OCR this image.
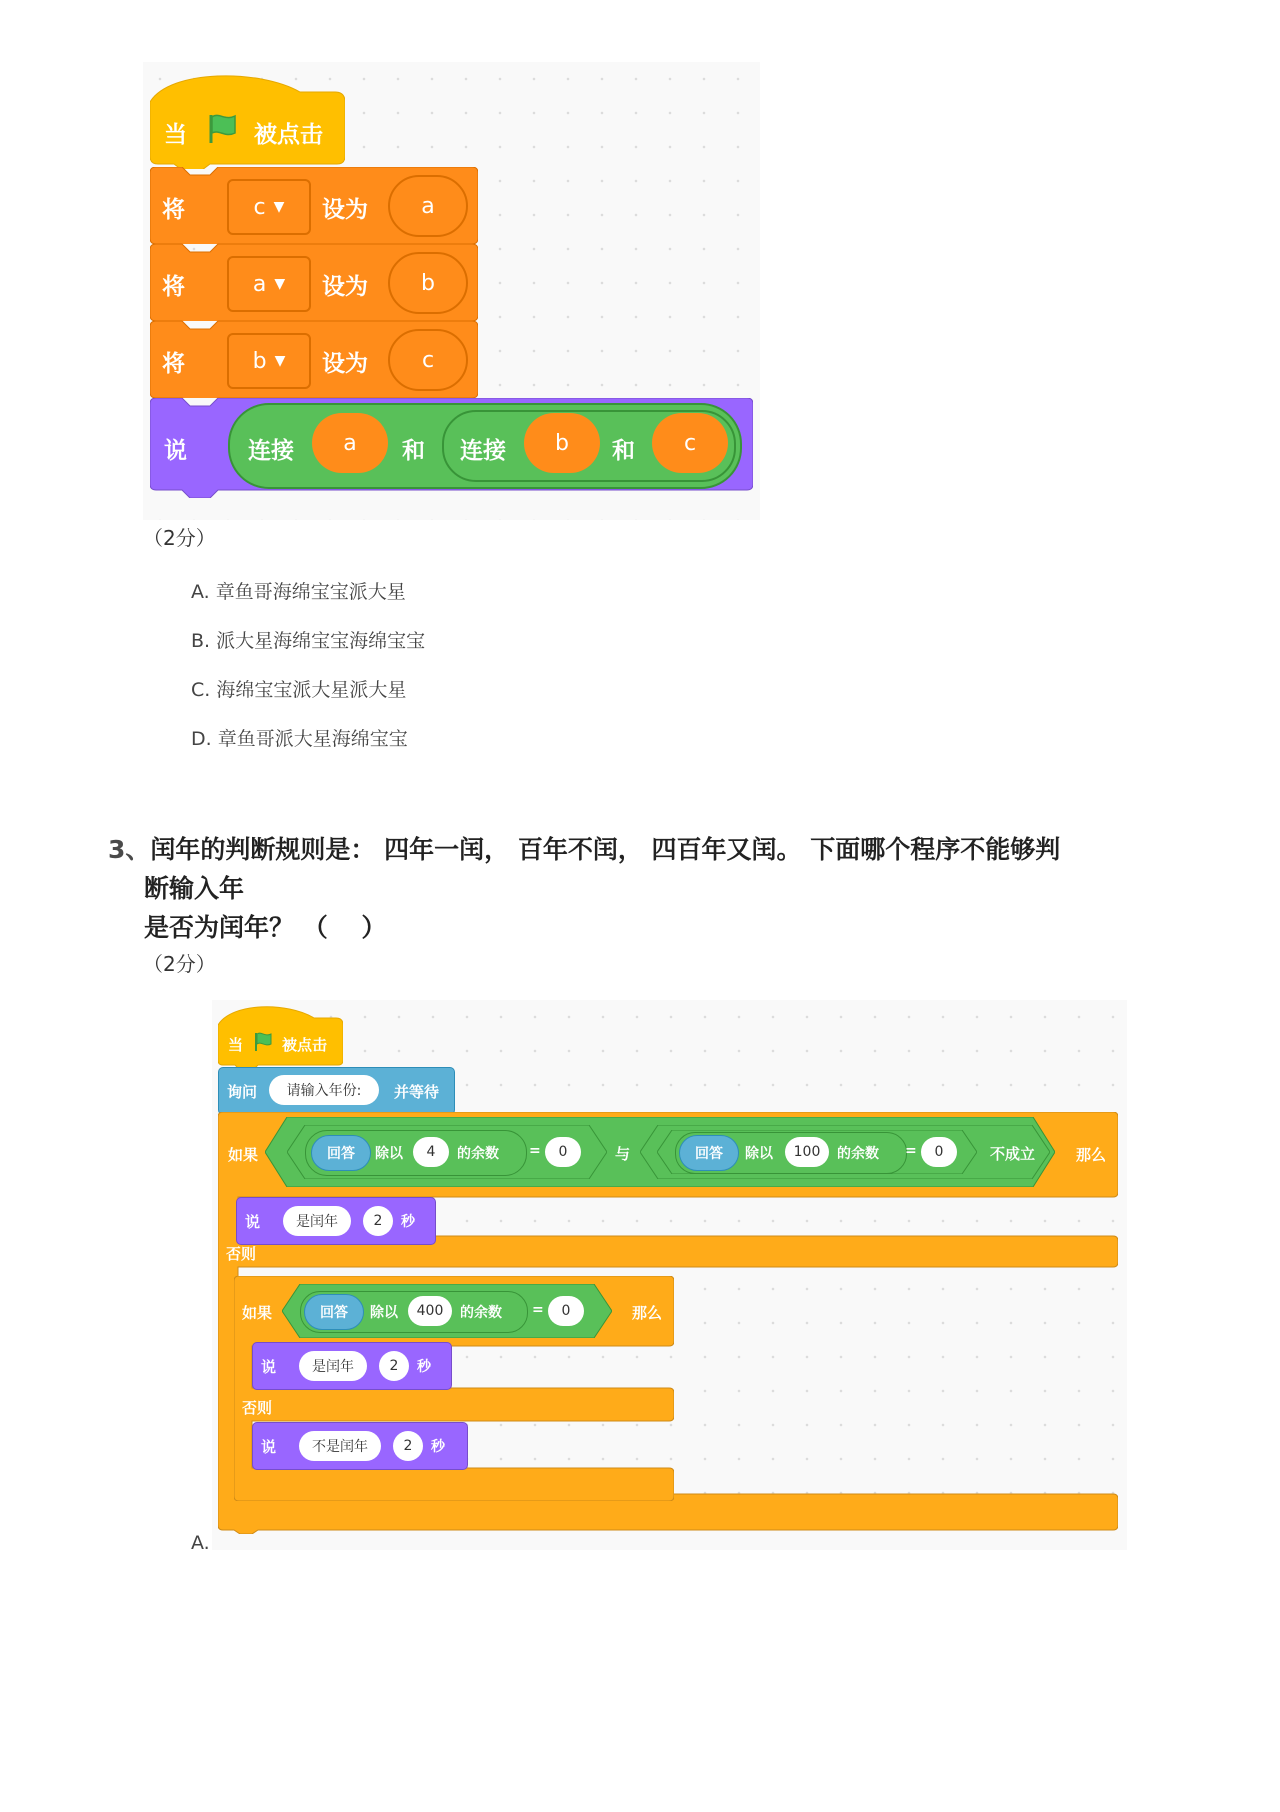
当	被点击
将	c ▼ 设为 a
将	a ▼ 设为 b
将	b ▼ 设为 c
说	连接 a 和 连接 b 和 c
（2分）
A. 章鱼哥海绵宝宝派大星
B. 派大星海绵宝宝海绵宝宝
C. 海绵宝宝派大星派大星
D. 章鱼哥派大星海绵宝宝
3、闰年的判断规则是： 四年一闰， 百年不闰， 四百年又闰。 下面哪个程序不能够判
断输入年
是否为闰年？ （　 ）
（2分）
当	被点击
询问 请输入年份: 并等待
如果
否则
那么
回答 除以 4 的余数 = 0	与	回答 除以 100 的余数 = 0	不成立
说	是闰年	2 秒
如果
否则
那么
回答 除以 400 的余数 = 0
说	是闰年	2 秒
说	不是闰年	2 秒
A.
